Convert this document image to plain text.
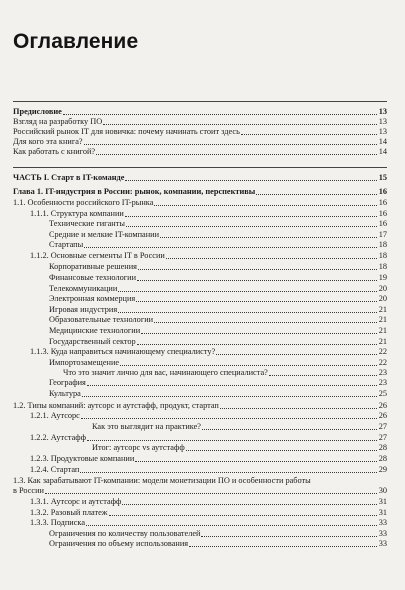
Оглавление
Предисловие	13
Взгляд на разработку ПО	13
Российский рынок IT для новичка: почему начинать стоит здесь	13
Для кого эта книга?	14
Как работать с книгой?	14
ЧАСТЬ I. Старт в IT-команде	15
Глава 1. IT-индустрия в России: рынок, компании, перспективы	16
1.1. Особенности российского IT-рынка	16
1.1.1. Структура компании	16
Технические гиганты	16
Средние и мелкие IT-компании	17
Стартапы	18
1.1.2. Основные сегменты IT в России	18
Корпоративные решения	18
Финансовые технологии	19
Телекоммуникации	20
Электронная коммерция	20
Игровая индустрия	21
Образовательные технологии	21
Медицинские технологии	21
Государственный сектор	21
1.1.3. Куда направиться начинающему специалисту?	22
Импортозамещение	22
Что это значит лично для вас, начинающего специалиста?	23
География	23
Культура	25
1.2. Типы компаний: аутсорс и аутстафф, продукт, стартап	26
1.2.1. Аутсорс	26
Как это выглядит на практике?	27
1.2.2. Аутстафф	27
Итог: аутсорс vs аутстафф	28
1.2.3. Продуктовые компании	28
1.2.4. Стартап	29
1.3. Как зарабатывают IT-компании: модели монетизации ПО и особенности работы
в России	30
1.3.1. Аутсорс и аутстафф	31
1.3.2. Разовый платеж	31
1.3.3. Подписка	33
Ограничения по количеству пользователей	33
Ограничения по объему использования	33
